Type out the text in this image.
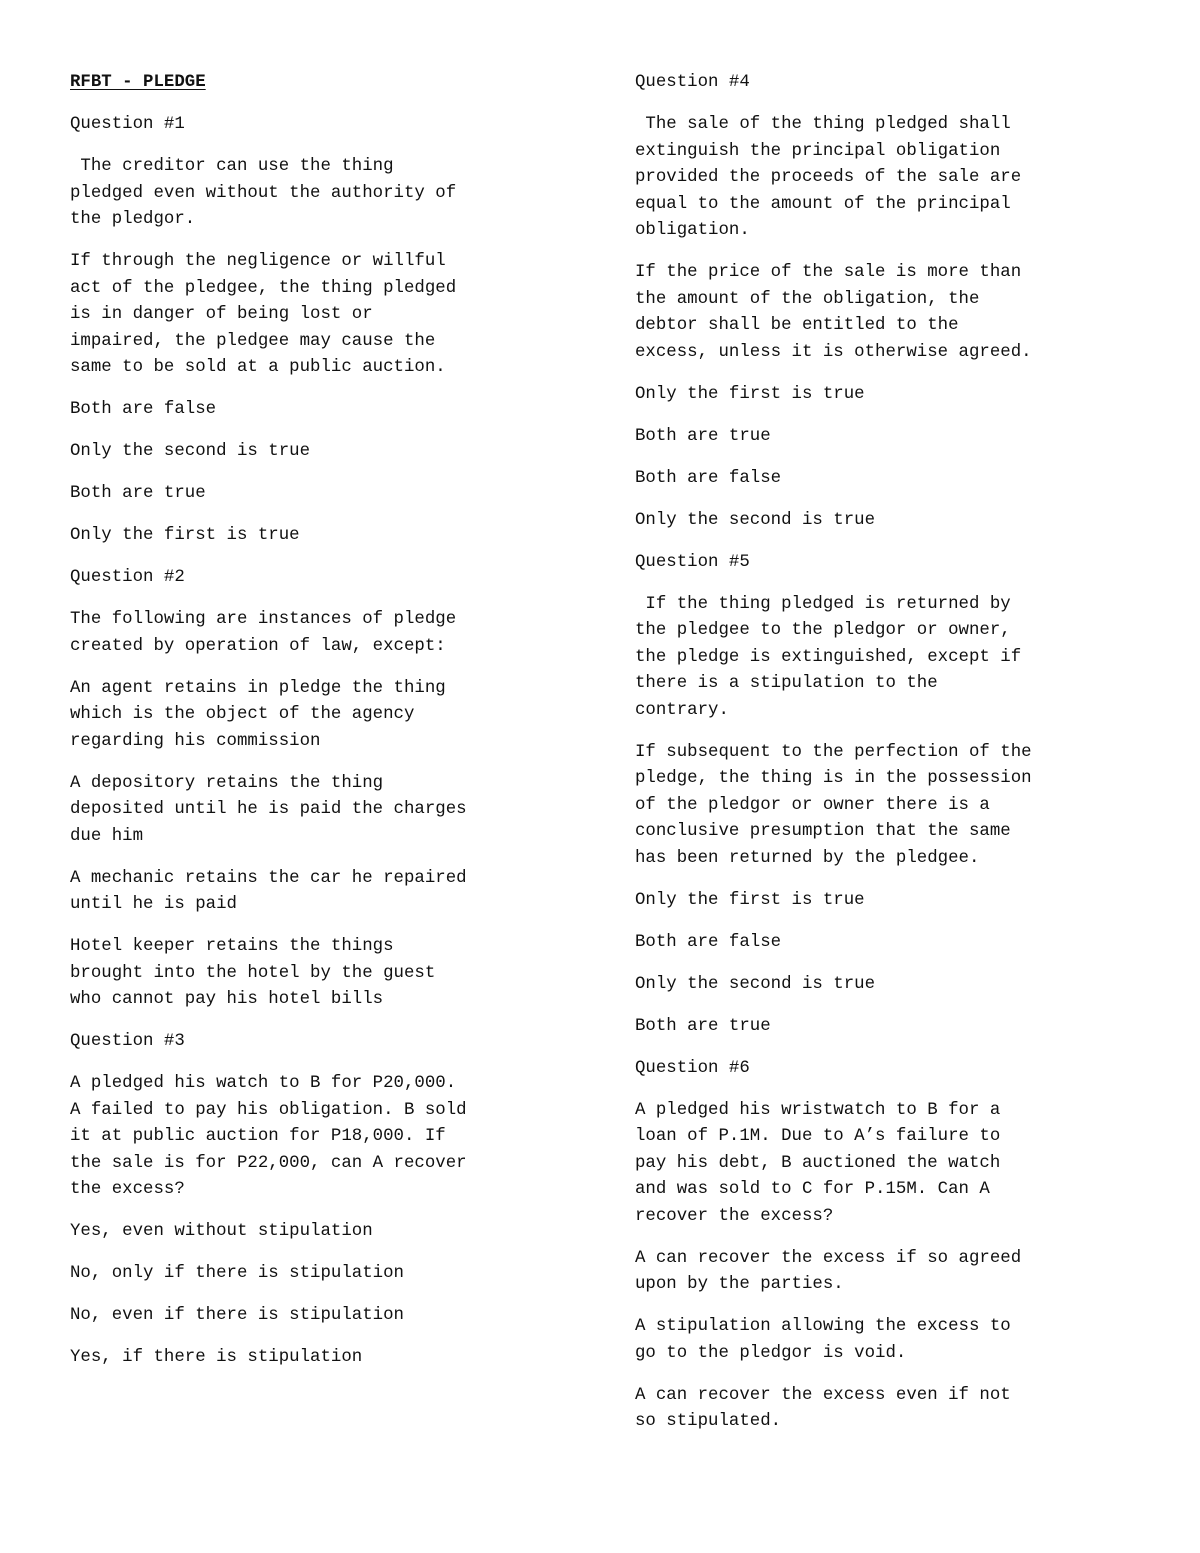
RFBT - PLEDGE
Question #1
The creditor can use the thing
pledged even without the authority of
the pledgor.
If through the negligence or willful
act of the pledgee, the thing pledged
is in danger of being lost or
impaired, the pledgee may cause the
same to be sold at a public auction.
Both are false
Only the second is true
Both are true
Only the first is true
Question #2
The following are instances of pledge
created by operation of law, except:
An agent retains in pledge the thing
which is the object of the agency
regarding his commission
A depository retains the thing
deposited until he is paid the charges
due him
A mechanic retains the car he repaired
until he is paid
Hotel keeper retains the things
brought into the hotel by the guest
who cannot pay his hotel bills
Question #3
A pledged his watch to B for P20,000.
A failed to pay his obligation. B sold
it at public auction for P18,000. If
the sale is for P22,000, can A recover
the excess?
Yes, even without stipulation
No, only if there is stipulation
No, even if there is stipulation
Yes, if there is stipulation
Question #4
The sale of the thing pledged shall
extinguish the principal obligation
provided the proceeds of the sale are
equal to the amount of the principal
obligation.
If the price of the sale is more than
the amount of the obligation, the
debtor shall be entitled to the
excess, unless it is otherwise agreed.
Only the first is true
Both are true
Both are false
Only the second is true
Question #5
If the thing pledged is returned by
the pledgee to the pledgor or owner,
the pledge is extinguished, except if
there is a stipulation to the
contrary.
If subsequent to the perfection of the
pledge, the thing is in the possession
of the pledgor or owner there is a
conclusive presumption that the same
has been returned by the pledgee.
Only the first is true
Both are false
Only the second is true
Both are true
Question #6
A pledged his wristwatch to B for a
loan of P.1M. Due to A’s failure to
pay his debt, B auctioned the watch
and was sold to C for P.15M. Can A
recover the excess?
A can recover the excess if so agreed
upon by the parties.
A stipulation allowing the excess to
go to the pledgor is void.
A can recover the excess even if not
so stipulated.
